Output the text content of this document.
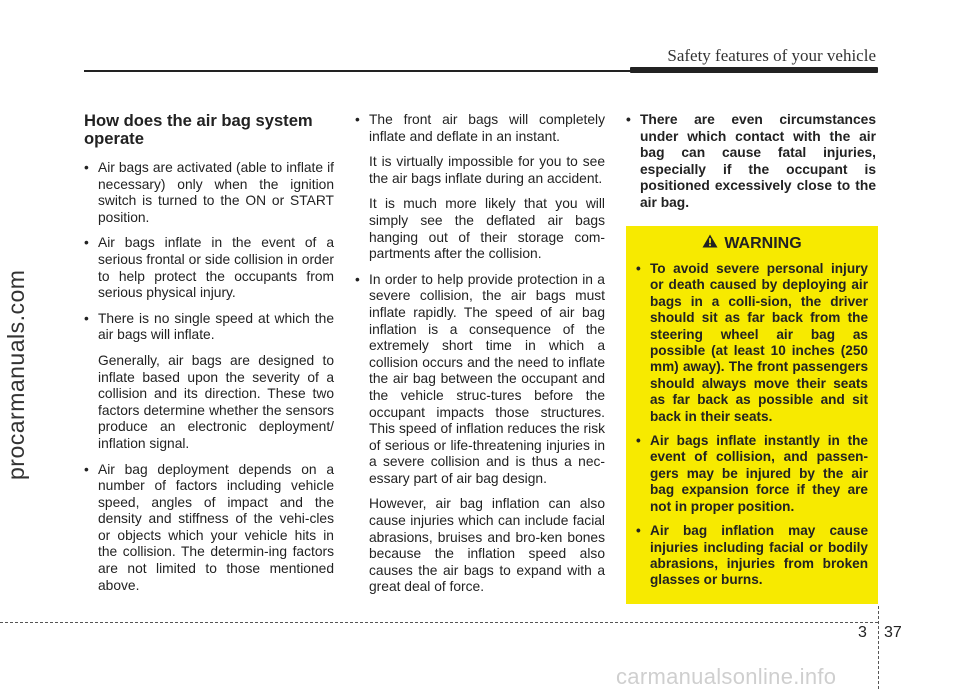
Safety features of your vehicle
procarmanuals.com
How does the air bag system operate

• Air bags are activated (able to inflate if necessary) only when the ignition switch is turned to the ON or START position.

• Air bags inflate in the event of a serious frontal or side collision in order to help protect the occupants from serious physical injury.

• There is no single speed at which the air bags will inflate.

Generally, air bags are designed to inflate based upon the severity of a collision and its direction. These two factors determine whether the sensors produce an electronic deployment/ inflation signal.

• Air bag deployment depends on a number of factors including vehicle speed, angles of impact and the density and stiffness of the vehi-cles or objects which your vehicle hits in the collision. The determin-ing factors are not limited to those mentioned above.

• The front air bags will completely inflate and deflate in an instant.

It is virtually impossible for you to see the air bags inflate during an accident.

It is much more likely that you will simply see the deflated air bags hanging out of their storage com-partments after the collision.

• In order to help provide protection in a severe collision, the air bags must inflate rapidly. The speed of air bag inflation is a consequence of the extremely short time in which a collision occurs and the need to inflate the air bag between the occupant and the vehicle struc-tures before the occupant impacts those structures. This speed of inflation reduces the risk of serious or life-threatening injuries in a severe collision and is thus a nec-essary part of air bag design.

However, air bag inflation can also cause injuries which can include facial abrasions, bruises and bro-ken bones because the inflation speed also causes the air bags to expand with a great deal of force.

• There are even circumstances under which contact with the air bag can cause fatal injuries, especially if the occupant is positioned excessively close to the air bag.

WARNING
• To avoid severe personal injury or death caused by deploying air bags in a colli-sion, the driver should sit as far back from the steering wheel air bag as possible (at least 10 inches (250 mm) away). The front passengers should always move their seats as far back as possible and sit back in their seats.
• Air bags inflate instantly in the event of collision, and passen-gers may be injured by the air bag expansion force if they are not in proper position.
• Air bag inflation may cause injuries including facial or bodily abrasions, injuries from broken glasses or burns.
3 37
carmanualsonline.info
